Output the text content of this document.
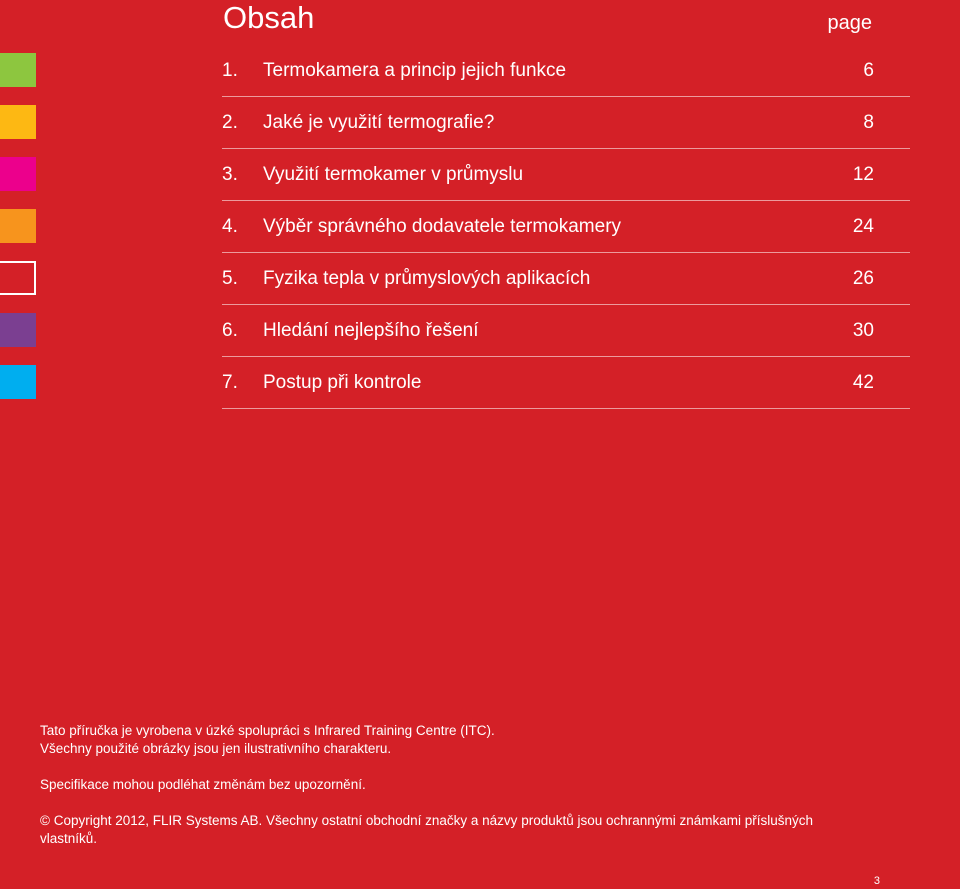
Obsah	page
1. Termokamera a princip jejich funkce	6
2. Jaké je využití termografie?	8
3. Využití termokamer v průmyslu	12
4. Výběr správného dodavatele termokamery	24
5. Fyzika tepla v průmyslových aplikacích	26
6. Hledání nejlepšího řešení	30
7. Postup při kontrole	42

Tato příručka je vyrobena v úzké spolupráci s Infrared Training Centre (ITC).

Všechny použité obrázky jsou jen ilustrativního charakteru.

Specifikace mohou podléhat změnám bez upozornění.

© Copyright 2012, FLIR Systems AB. Všechny ostatní obchodní značky a názvy produktů jsou ochrannými známkami příslušných vlastníků.

3
